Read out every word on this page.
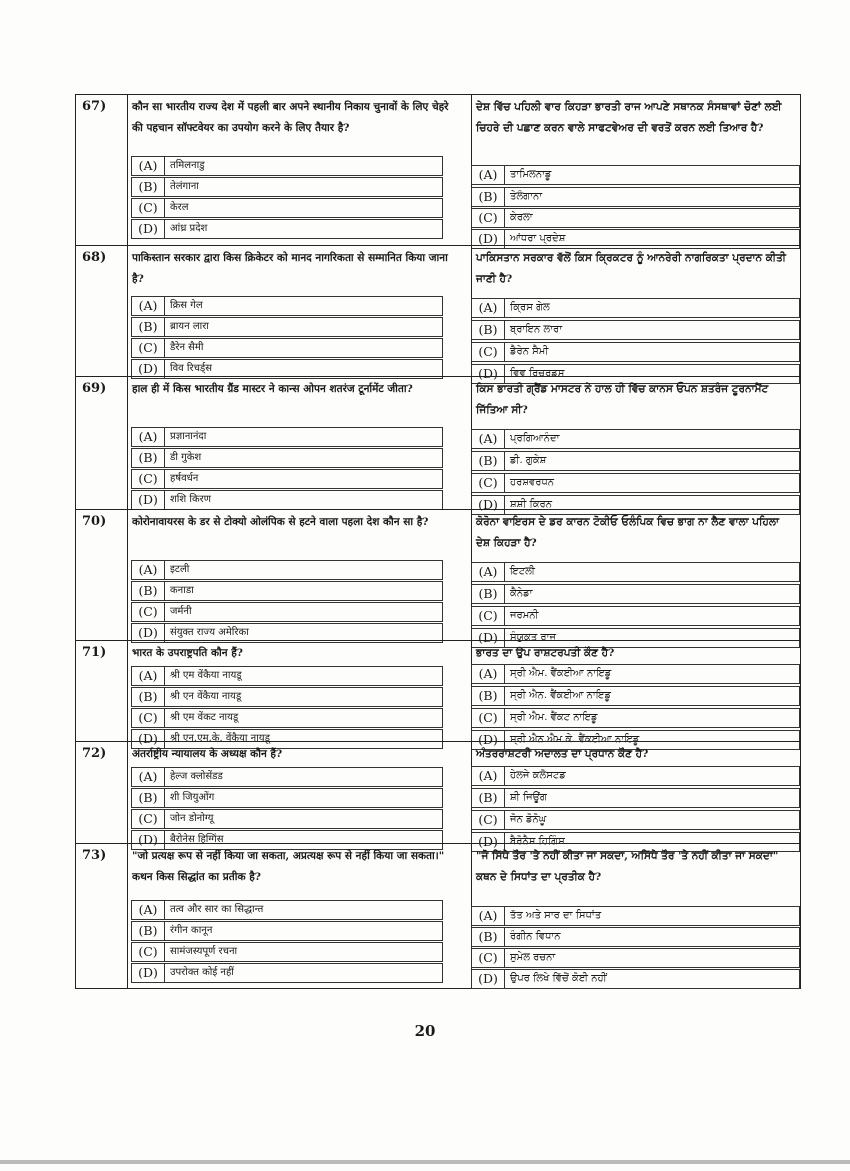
67)	कौन सा भारतीय राज्य देश में पहली बार अपने स्थानीय निकाय चुनावों के लिए चेहरे की पहचान सॉफ्टवेयर का उपयोग करने के लिए तैयार है?
(A)	तमिलनाडु
(B)	तेलंगाना
(C)	केरल
(D)	आंध्र प्रदेश
ਦੇਸ਼ ਵਿੱਚ ਪਹਿਲੀ ਵਾਰ ਕਿਹੜਾ ਭਾਰਤੀ ਰਾਜ ਆਪਣੇ ਸਥਾਨਕ ਸੰਸਥਾਵਾਂ ਚੋਣਾਂ ਲਈ ਚਿਹਰੇ ਦੀ ਪਛਾਣ ਕਰਨ ਵਾਲੇ ਸਾਫਟਵੇਅਰ ਦੀ ਵਰਤੋਂ ਕਰਨ ਲਈ ਤਿਆਰ ਹੈ?
(A)	ਤਾਮਿਲਨਾਡੂ
(B)	ਤੇਲੰਗਾਨਾ
(C)	ਕੇਰਲਾ
(D)	ਆਂਧਰਾ ਪ੍ਰਦੇਸ਼
68)	पाकिस्तान सरकार द्वारा किस क्रिकेटर को मानद नागरिकता से सम्मानित किया जाना है?
(A)	क्रिस गेल
(B)	ब्रायन लारा
(C)	डैरेन सैमी
(D)	विव रिचर्ड्स
ਪਾਕਿਸਤਾਨ ਸਰਕਾਰ ਵੱਲੋਂ ਕਿਸ ਕ੍ਰਿਕਟਰ ਨੂੰ ਆਨਰੇਰੀ ਨਾਗਰਿਕਤਾ ਪ੍ਰਦਾਨ ਕੀਤੀ ਜਾਣੀ ਹੈ?
(A)	ਕ੍ਰਿਸ ਗੇਲ
(B)	ਬ੍ਰਾਇਨ ਲਾਰਾ
(C)	ਡੈਰੇਨ ਸੈਮੀ
(D)	ਵਿਵ ਰਿਚਰਡਸ
69)	हाल ही में किस भारतीय ग्रैंड मास्टर ने कान्स ओपन शतरंज टूर्नामेंट जीता?
(A)	प्रज्ञानानंदा
(B)	डी गुकेश
(C)	हर्षवर्धन
(D)	शशि किरण
ਕਿਸ ਭਾਰਤੀ ਗ੍ਰੈਂਡ ਮਾਸਟਰ ਨੇ ਹਾਲ ਹੀ ਵਿੱਚ ਕਾਨਸ ਓਪਨ ਸ਼ਤਰੰਜ ਟੂਰਨਾਮੈਂਟ ਜਿੱਤਿਆ ਸੀ?
(A)	ਪ੍ਰਗਿਆਨੰਦਾ
(B)	ਡੀ. ਗੁਕੇਸ਼
(C)	ਹਰਸ਼ਵਰਧਨ
(D)	ਸ਼ਸ਼ੀ ਕਿਰਨ
70)	कोरोनावायरस के डर से टोक्यो ओलंपिक से हटने वाला पहला देश कौन सा है?
(A)	इटली
(B)	कनाडा
(C)	जर्मनी
(D)	संयुक्त राज्य अमेरिका
ਕੋਰੋਨਾ ਵਾਇਰਸ ਦੇ ਡਰ ਕਾਰਨ ਟੋਕੀਓ ਓਲੰਪਿਕ ਵਿਚ ਭਾਗ ਨਾ ਲੈਣ ਵਾਲਾ ਪਹਿਲਾ ਦੇਸ਼ ਕਿਹੜਾ ਹੈ?
(A)	ਇਟਲੀ
(B)	ਕੈਨੇਡਾ
(C)	ਜਰਮਨੀ
(D)	ਸੰਯੁਕਤ ਰਾਜ
71)	भारत के उपराष्ट्रपति कौन हैं?
(A)	श्री एम वेंकैया नायडू
(B)	श्री एन वेंकैया नायडू
(C)	श्री एम वेंकट नायडू
(D)	श्री एन.एम.के. वेंकैया नायडू
ਭਾਰਤ ਦਾ ਉਪ ਰਾਸ਼ਟਰਪਤੀ ਕੌਣ ਹੈ?
(A)	ਸ੍ਰੀ ਐਮ. ਵੈਂਕਈਆ ਨਾਇਡੂ
(B)	ਸ੍ਰੀ ਐਨ. ਵੈਂਕਈਆ ਨਾਇਡੂ
(C)	ਸ੍ਰੀ ਐਮ. ਵੈਂਕਟ ਨਾਇਡੂ
(D)	ਸ੍ਰੀ ਐਨ.ਐਮ.ਕੇ. ਵੈਂਕਈਆ ਨਾਇਡੂ
72)	अंतर्राष्ट्रीय न्यायालय के अध्यक्ष कौन हैं?
(A)	हेल्ज क्लोसेंडड
(B)	शी जियुओंग
(C)	जोन डोनोग्यू
(D)	बैरोनेस हिग्गिंस
ਅੰਤਰਰਾਸ਼ਟਰੀ ਅਦਾਲਤ ਦਾ ਪ੍ਰਧਾਨ ਕੌਣ ਹੈ?
(A)	ਹੇਲਜੇ ਕਲੋਸਟਡ
(B)	ਸ਼ੀ ਜਿਊਂਗ
(C)	ਜੋਨ ਡੋਨੋਘੂ
(D)	ਬੈਰੋਨੈਸ ਹਿਗਿੰਸ
73)	"जो प्रत्यक्ष रूप से नहीं किया जा सकता, अप्रत्यक्ष रूप से नहीं किया जा सकता।" कथन किस सिद्धांत का प्रतीक है?
(A)	तत्व और सार का सिद्धान्त
(B)	रंगीन कानून
(C)	सामंजस्यपूर्ण रचना
(D)	उपरोक्त कोई नहीं
"ਜੋ ਸਿੱਧੇ ਤੌਰ 'ਤੇ ਨਹੀਂ ਕੀਤਾ ਜਾ ਸਕਦਾ, ਅਸਿੱਧੇ ਤੌਰ 'ਤੇ ਨਹੀਂ ਕੀਤਾ ਜਾ ਸਕਦਾ" ਕਥਨ ਦੇ ਸਿਧਾਂਤ ਦਾ ਪ੍ਰਤੀਕ ਹੈ?
(A)	ਤੱਤ ਅਤੇ ਸਾਰ ਦਾ ਸਿਧਾਂਤ
(B)	ਰੰਗੀਨ ਵਿਧਾਨ
(C)	ਸੁਮੇਲ ਰਚਨਾ
(D)	ਉਪਰ ਲਿਖੇ ਵਿੱਚੋਂ ਕੋਈ ਨਹੀਂ
20
